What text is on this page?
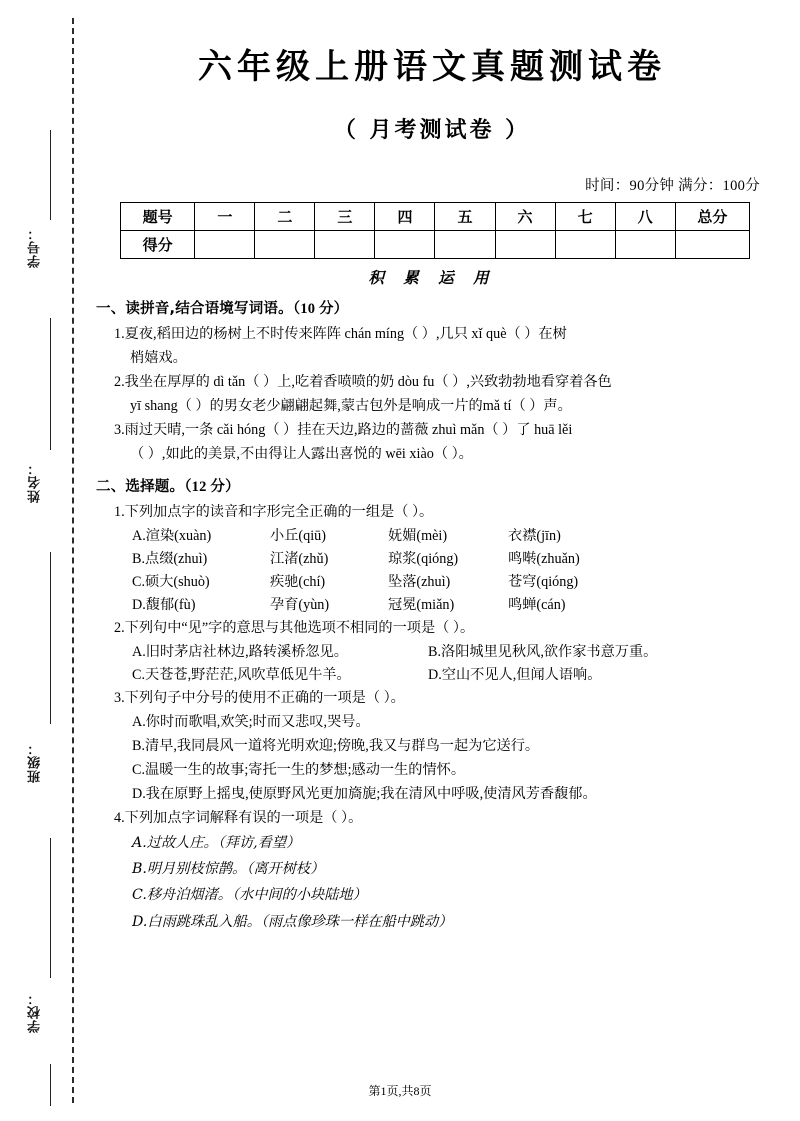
学号：
姓名：
班级：
学校：
六年级上册语文真题测试卷
（ 月考测试卷 ）
时间：90分钟 满分：100分
题号	一	二	三	四	五	六	七	八	总分
得分									
积 累 运 用
一、读拼音,结合语境写词语。（10 分）
1.夏夜,稻田边的杨树上不时传来阵阵 chán míng（ ）,几只 xǐ què（ ）在树
梢嬉戏。
2.我坐在厚厚的 dì tǎn（ ）上,吃着香喷喷的奶 dòu fu（ ）,兴致勃勃地看穿着各色
yī shang（ ）的男女老少翩翩起舞,蒙古包外是响成一片的mǎ tí（ ）声。
3.雨过天晴,一条 cǎi hóng（ ）挂在天边,路边的蔷薇 zhuì mǎn（ ）了 huā lěi
（ ）,如此的美景,不由得让人露出喜悦的 wēi xiào（ ）。
二、选择题。（12 分）
1.下列加点字的读音和字形完全正确的一组是（ ）。
A.渲染(xuàn)	小丘(qiū)	妩媚(mèi)	衣襟(jīn)
B.点缀(zhuì)	江渚(zhǔ)	琼浆(qióng)	鸣啭(zhuǎn)
C.硕大(shuò)	疾驰(chí)	坠落(zhuì)	苍穹(qióng)
D.馥郁(fù)	孕育(yùn)	冠冕(miǎn)	鸣蝉(cán)
2.下列句中“见”字的意思与其他选项不相同的一项是（ ）。
A.旧时茅店社林边,路转溪桥忽见。	B.洛阳城里见秋风,欲作家书意万重。
C.天苍苍,野茫茫,风吹草低见牛羊。	D.空山不见人,但闻人语响。
3.下列句子中分号的使用不正确的一项是（ ）。
A.你时而歌唱,欢笑;时而又悲叹,哭号。
B.清早,我同晨风一道将光明欢迎;傍晚,我又与群鸟一起为它送行。
C.温暖一生的故事;寄托一生的梦想;感动一生的情怀。
D.我在原野上摇曳,使原野风光更加旖旎;我在清风中呼吸,使清风芳香馥郁。
4.下列加点字词解释有误的一项是（ ）。
A.过故人庄。（拜访,看望）
B.明月别枝惊鹊。（离开树枝）
C.移舟泊烟渚。（水中间的小块陆地）
D.白雨跳珠乱入船。（雨点像珍珠一样在船中跳动）
第1页,共8页
